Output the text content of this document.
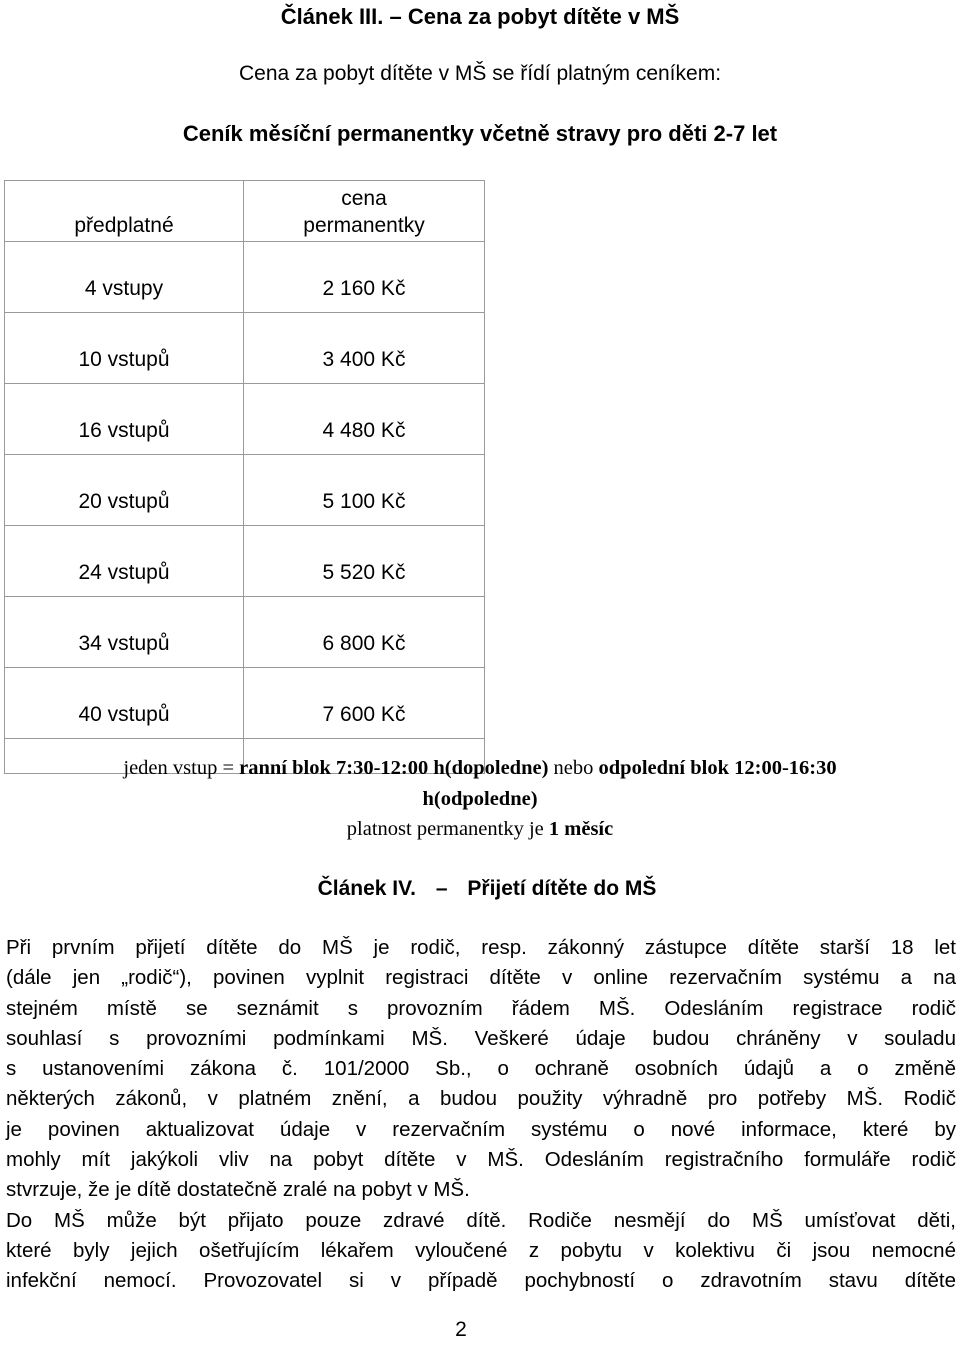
Článek III. – Cena za pobyt dítěte v MŠ
Cena za pobyt dítěte v MŠ se řídí platným ceníkem:
Ceník měsíční permanentky včetně stravy pro děti 2-7 let
předplatné	cena
permanentky

4 vstupy	2 160 Kč
10 vstupů	3 400 Kč
16 vstupů	4 480 Kč
20 vstupů	5 100 Kč
24 vstupů	5 520 Kč
34 vstupů	6 800 Kč
40 vstupů	7 600 Kč

jeden vstup = ranní blok 7:30-12:00 h(dopoledne) nebo odpolední blok 12:00-16:30
h(odpoledne)
platnost permanentky je 1 měsíc
Článek IV. – Přijetí dítěte do MŠ
Při prvním přijetí dítěte do MŠ je rodič, resp. zákonný zástupce dítěte starší 18 let
(dále jen „rodič“), povinen vyplnit registraci dítěte v online rezervačním systému a na
stejném místě se seznámit s provozním řádem MŠ. Odesláním registrace rodič
souhlasí s provozními podmínkami MŠ. Veškeré údaje budou chráněny v souladu
s ustanoveními zákona č. 101/2000 Sb., o ochraně osobních údajů a o změně
některých zákonů, v platném znění, a budou použity výhradně pro potřeby MŠ. Rodič
je povinen aktualizovat údaje v rezervačním systému o nové informace, které by
mohly mít jakýkoli vliv na pobyt dítěte v MŠ. Odesláním registračního formuláře rodič
stvrzuje, že je dítě dostatečně zralé na pobyt v MŠ.
Do MŠ může být přijato pouze zdravé dítě. Rodiče nesmějí do MŠ umísťovat děti,
které byly jejich ošetřujícím lékařem vyloučené z pobytu v kolektivu či jsou nemocné
infekční nemocí. Provozovatel si v případě pochybností o zdravotním stavu dítěte
2
